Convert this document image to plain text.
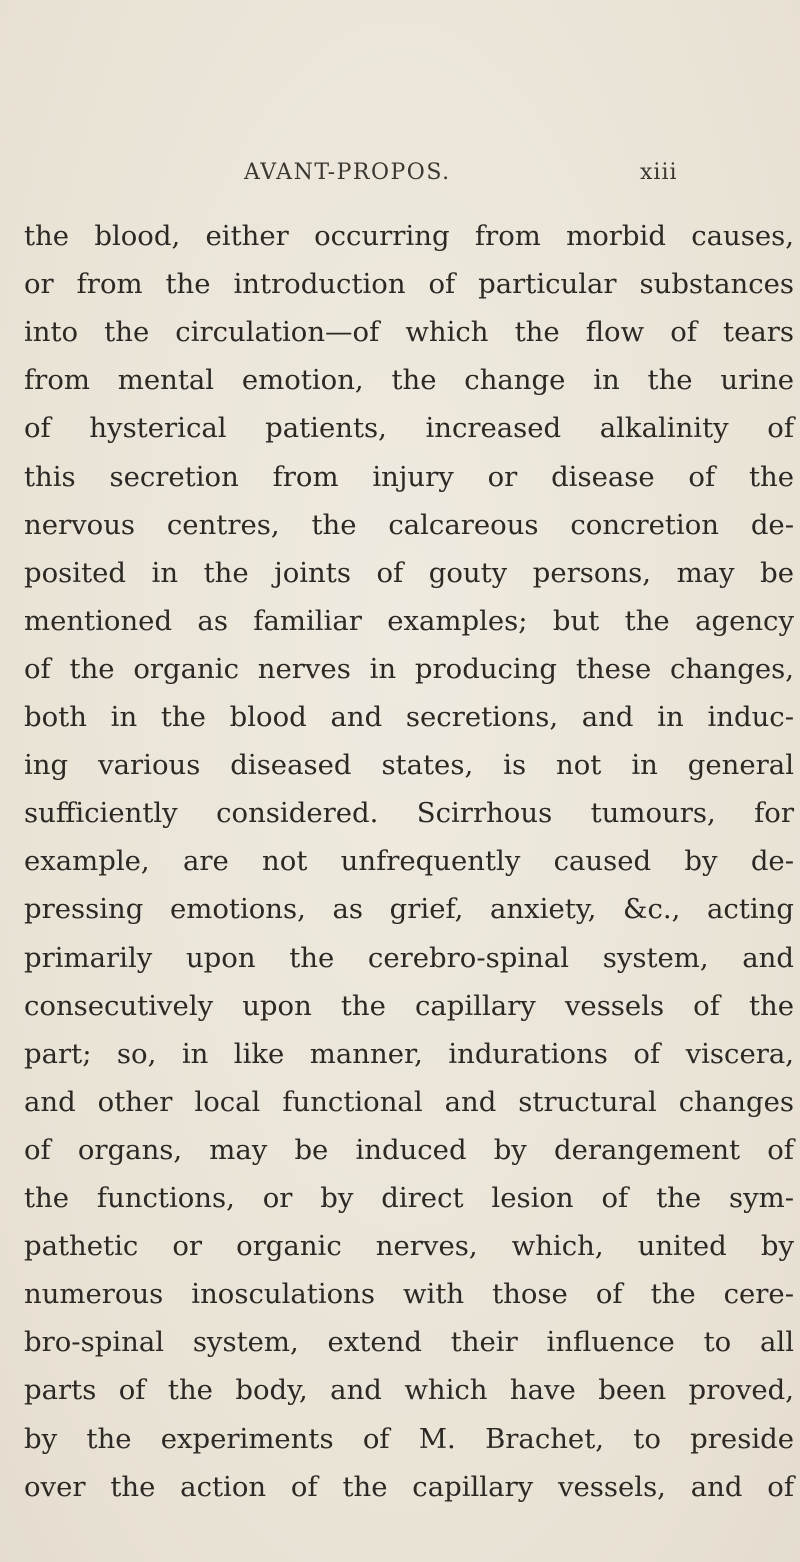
AVANT-PROPOS.	xiii
the blood, either occurring from morbid causes,
or from the introduction of particular substances
into the circulation—of which the flow of tears
from mental emotion, the change in the urine
of hysterical patients, increased alkalinity of
this secretion from injury or disease of the
nervous centres, the calcareous concretion de-
posited in the joints of gouty persons, may be
mentioned as familiar examples; but the agency
of the organic nerves in producing these changes,
both in the blood and secretions, and in induc-
ing various diseased states, is not in general
sufficiently considered. Scirrhous tumours, for
example, are not unfrequently caused by de-
pressing emotions, as grief, anxiety, &c., acting
primarily upon the cerebro-spinal system, and
consecutively upon the capillary vessels of the
part; so, in like manner, indurations of viscera,
and other local functional and structural changes
of organs, may be induced by derangement of
the functions, or by direct lesion of the sym-
pathetic or organic nerves, which, united by
numerous inosculations with those of the cere-
bro-spinal system, extend their influence to all
parts of the body, and which have been proved,
by the experiments of M. Brachet, to preside
over the action of the capillary vessels, and of
